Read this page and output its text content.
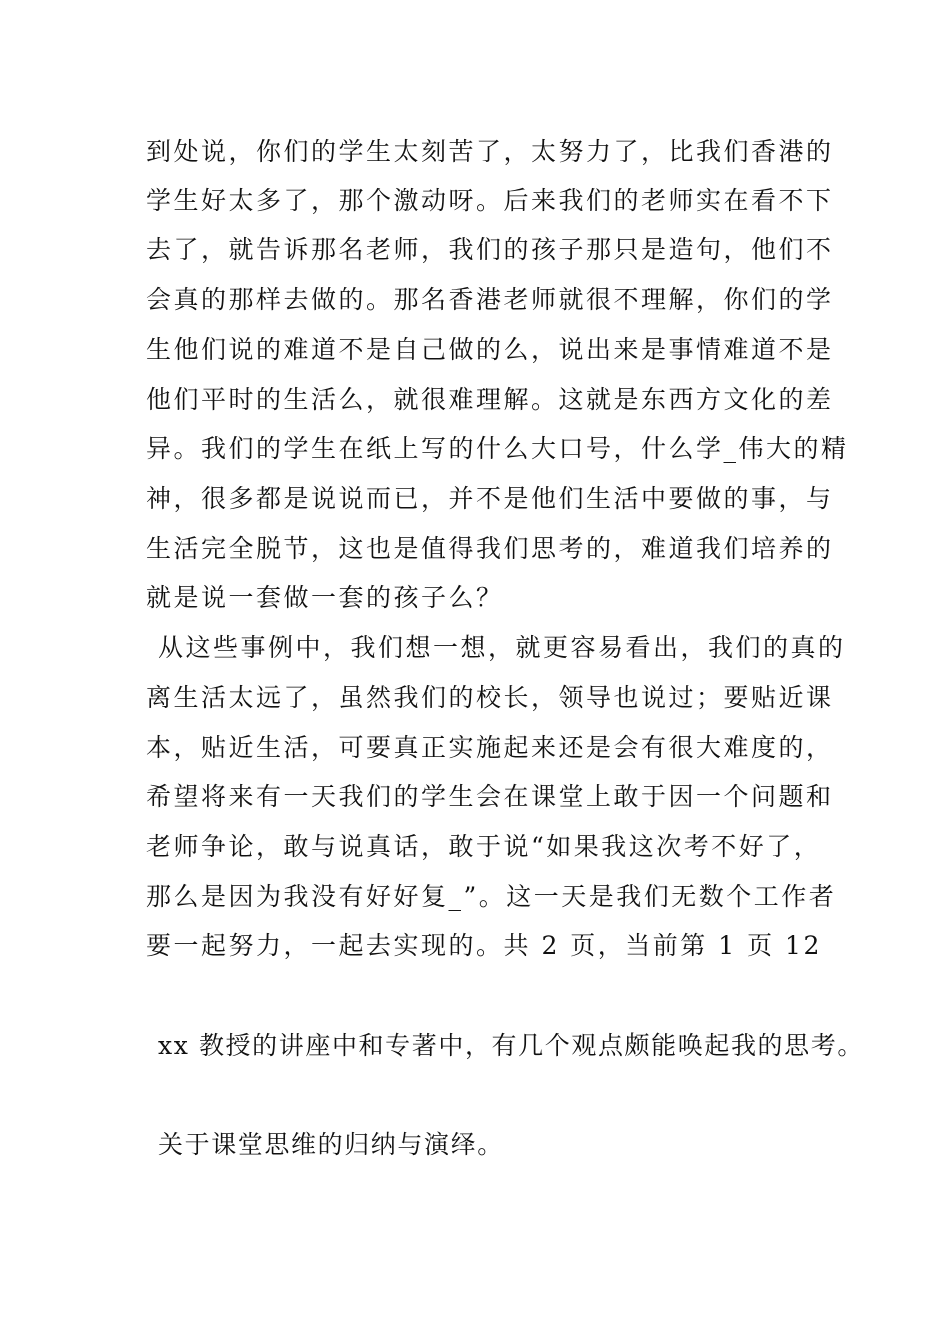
到处说，你们的学生太刻苦了，太努力了，比我们香港的
学生好太多了，那个激动呀。后来我们的老师实在看不下
去了，就告诉那名老师，我们的孩子那只是造句，他们不
会真的那样去做的。那名香港老师就很不理解，你们的学
生他们说的难道不是自己做的么，说出来是事情难道不是
他们平时的生活么，就很难理解。这就是东西方文化的差
异。我们的学生在纸上写的什么大口号，什么学_伟大的精
神，很多都是说说而已，并不是他们生活中要做的事，与
生活完全脱节，这也是值得我们思考的，难道我们培养的
就是说一套做一套的孩子么？
从这些事例中，我们想一想，就更容易看出，我们的真的
离生活太远了，虽然我们的校长，领导也说过；要贴近课
本，贴近生活，可要真正实施起来还是会有很大难度的，
希望将来有一天我们的学生会在课堂上敢于因一个问题和
老师争论，敢与说真话，敢于说“如果我这次考不好了，
那么是因为我没有好好复_”。这一天是我们无数个工作者
要一起努力，一起去实现的。共 2 页，当前第 1 页 12
xx 教授的讲座中和专著中，有几个观点颇能唤起我的思考。
关于课堂思维的归纳与演绎。
